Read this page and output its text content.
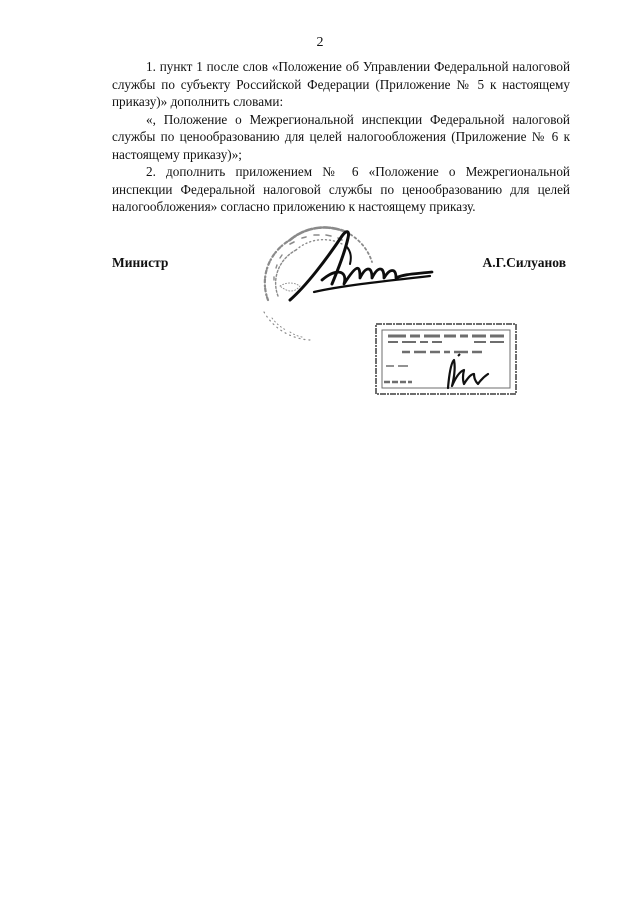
2

1. пункт 1 после слов «Положение об Управлении Федеральной налоговой службы по субъекту Российской Федерации (Приложение № 5 к настоящему приказу)» дополнить словами:

«, Положение о Межрегиональной инспекции Федеральной налоговой службы по ценообразованию для целей налогообложения (Приложение № 6 к настоящему приказу)»;

2. дополнить приложением № 6 «Положение о Межрегиональной инспекции Федеральной налоговой службы по ценообразованию для целей налогообложения» согласно приложению к настоящему приказу.

Министр	А.Г.Силуанов
